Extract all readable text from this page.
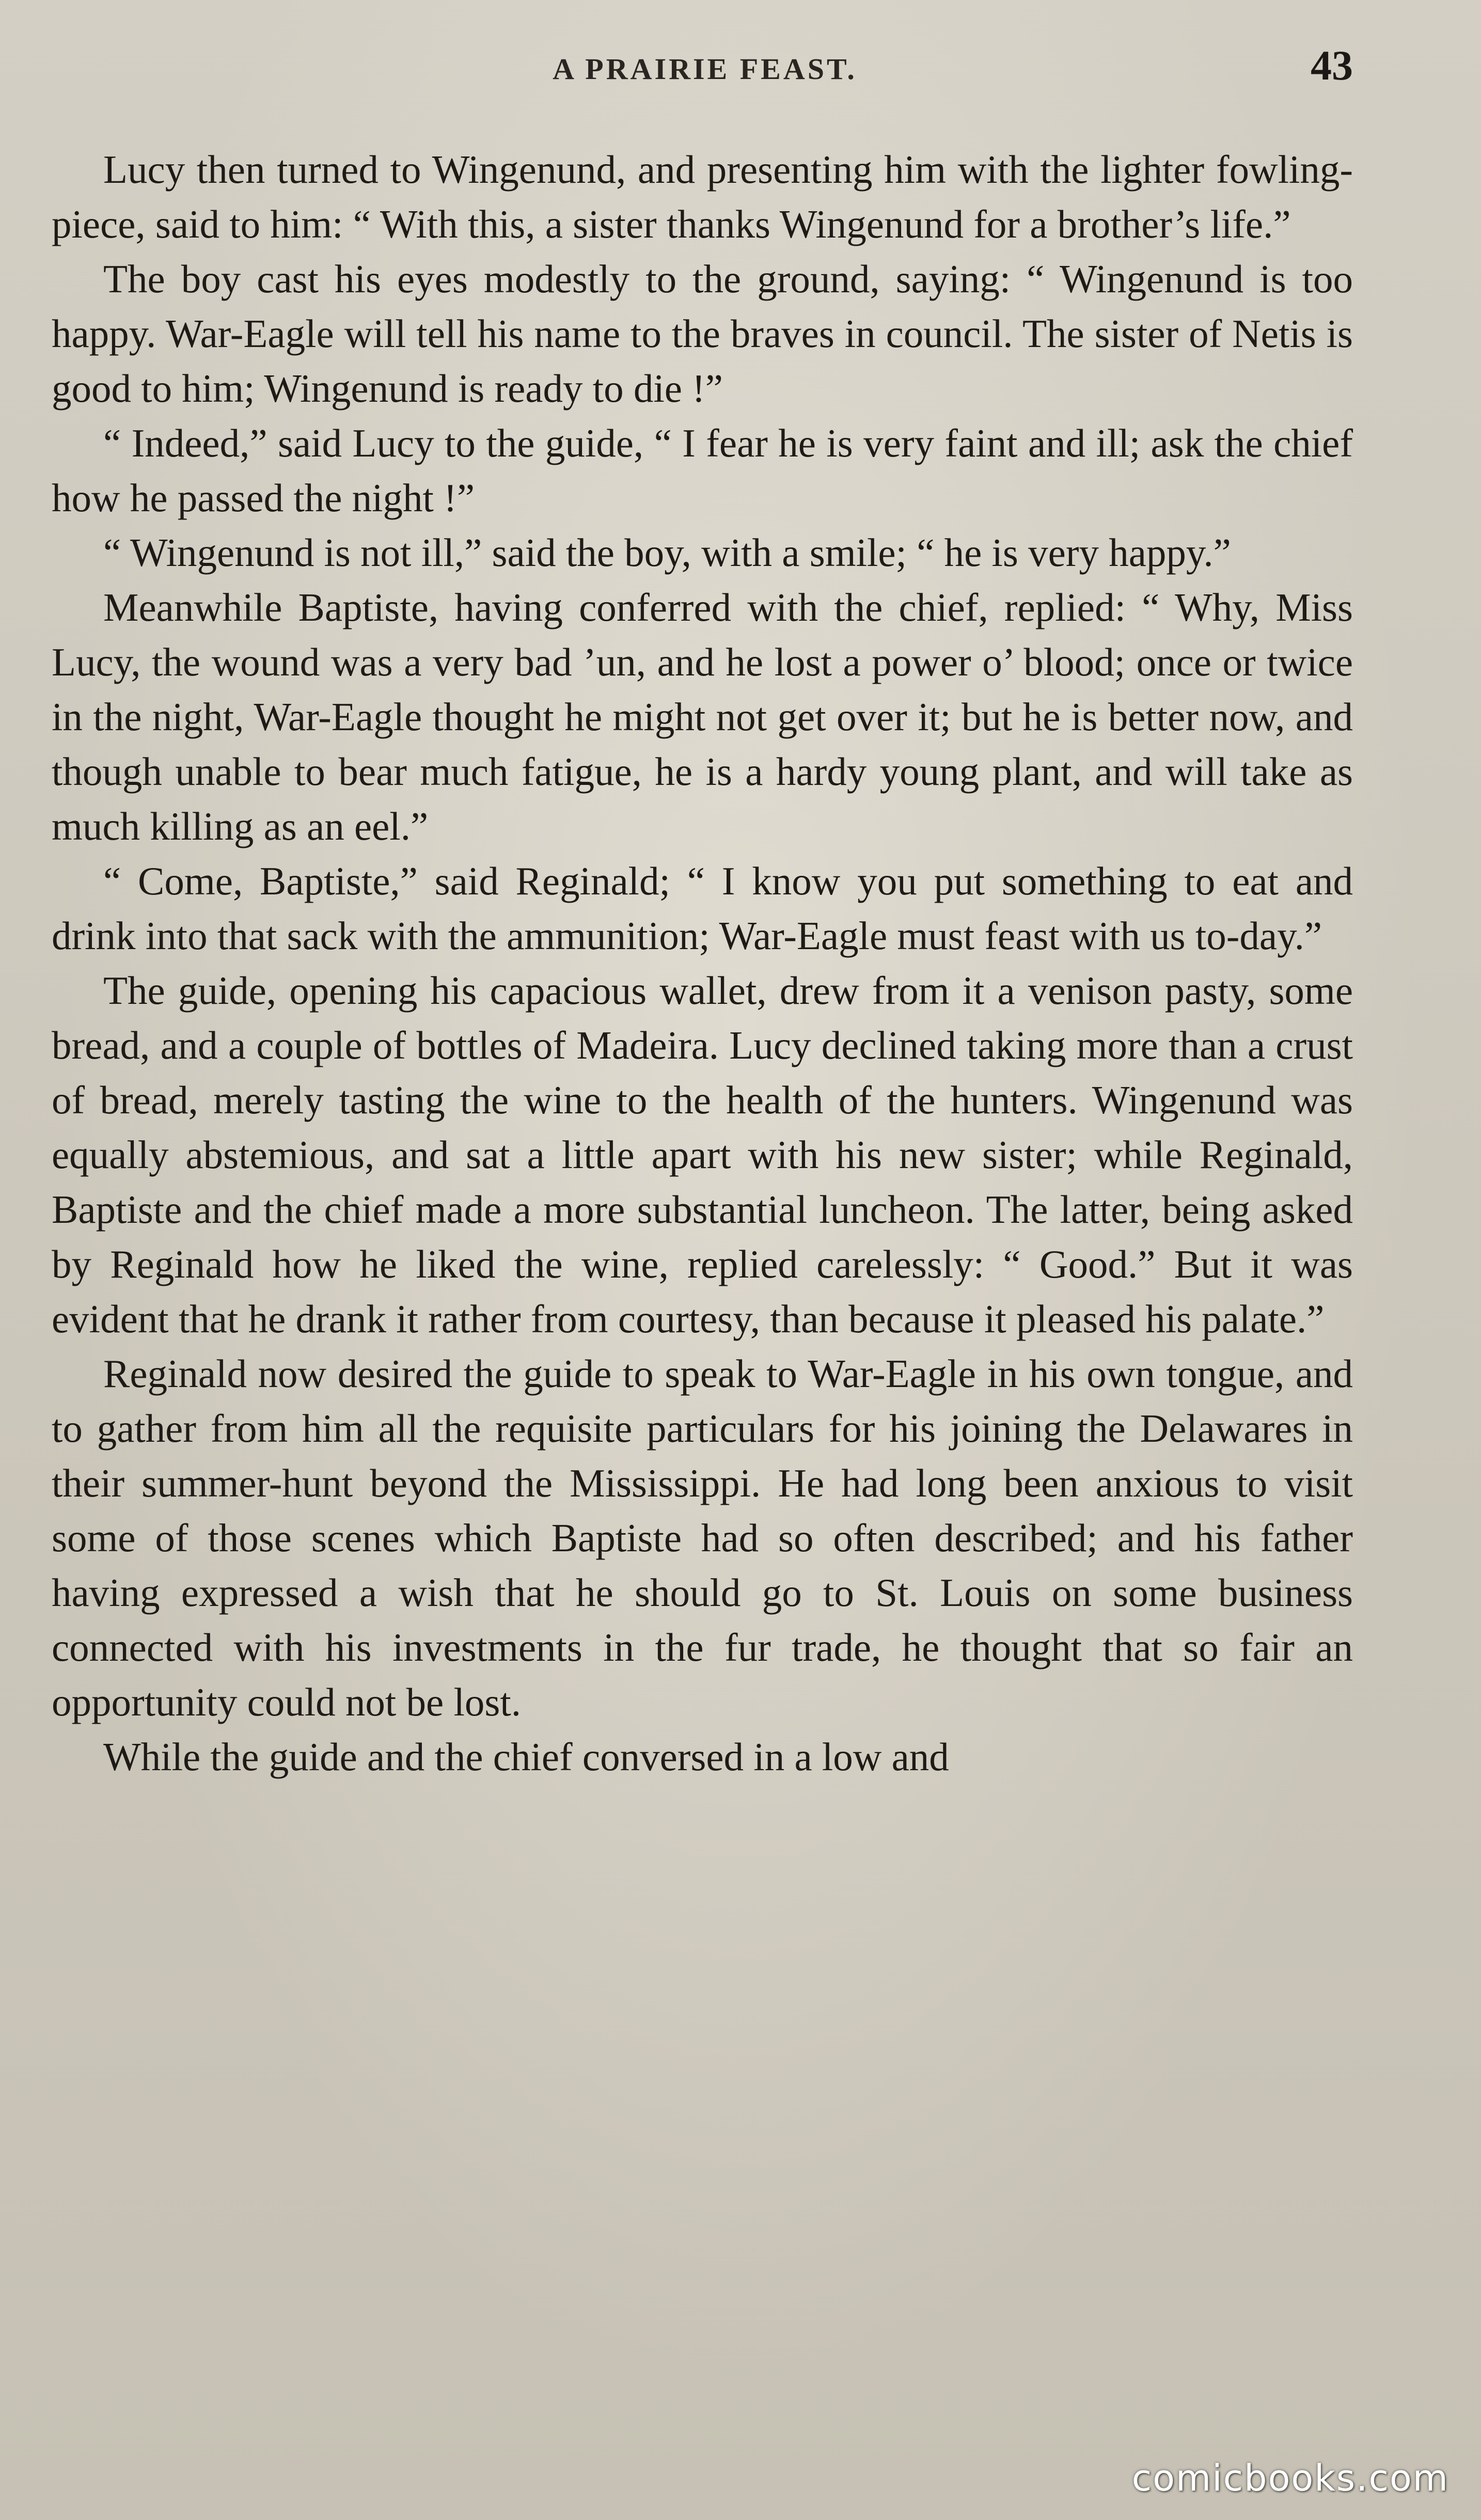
A PRAIRIE FEAST.	43

Lucy then turned to Wingenund, and presenting him with the lighter fowling-piece, said to him: “ With this, a sister thanks Wingenund for a brother’s life.”

The boy cast his eyes modestly to the ground, saying: “ Wingenund is too happy. War-Eagle will tell his name to the braves in council. The sister of Netis is good to him; Wingenund is ready to die !”

“ Indeed,” said Lucy to the guide, “ I fear he is very faint and ill; ask the chief how he passed the night !”

“ Wingenund is not ill,” said the boy, with a smile; “ he is very happy.”

Meanwhile Baptiste, having conferred with the chief, replied: “ Why, Miss Lucy, the wound was a very bad ’un, and he lost a power o’ blood; once or twice in the night, War-Eagle thought he might not get over it; but he is better now, and though unable to bear much fatigue, he is a hardy young plant, and will take as much killing as an eel.”

“ Come, Baptiste,” said Reginald; “ I know you put something to eat and drink into that sack with the ammunition; War-Eagle must feast with us to-day.”

The guide, opening his capacious wallet, drew from it a venison pasty, some bread, and a couple of bottles of Madeira. Lucy declined taking more than a crust of bread, merely tasting the wine to the health of the hunters. Wingenund was equally abstemious, and sat a little apart with his new sister; while Reginald, Baptiste and the chief made a more substantial luncheon. The latter, being asked by Reginald how he liked the wine, replied carelessly: “ Good.” But it was evident that he drank it rather from courtesy, than because it pleased his palate.”

Reginald now desired the guide to speak to War-Eagle in his own tongue, and to gather from him all the requisite particulars for his joining the Delawares in their summer-hunt beyond the Mississippi. He had long been anxious to visit some of those scenes which Baptiste had so often described; and his father having expressed a wish that he should go to St. Louis on some business connected with his investments in the fur trade, he thought that so fair an opportunity could not be lost.

While the guide and the chief conversed in a low and

comicbooks.com
